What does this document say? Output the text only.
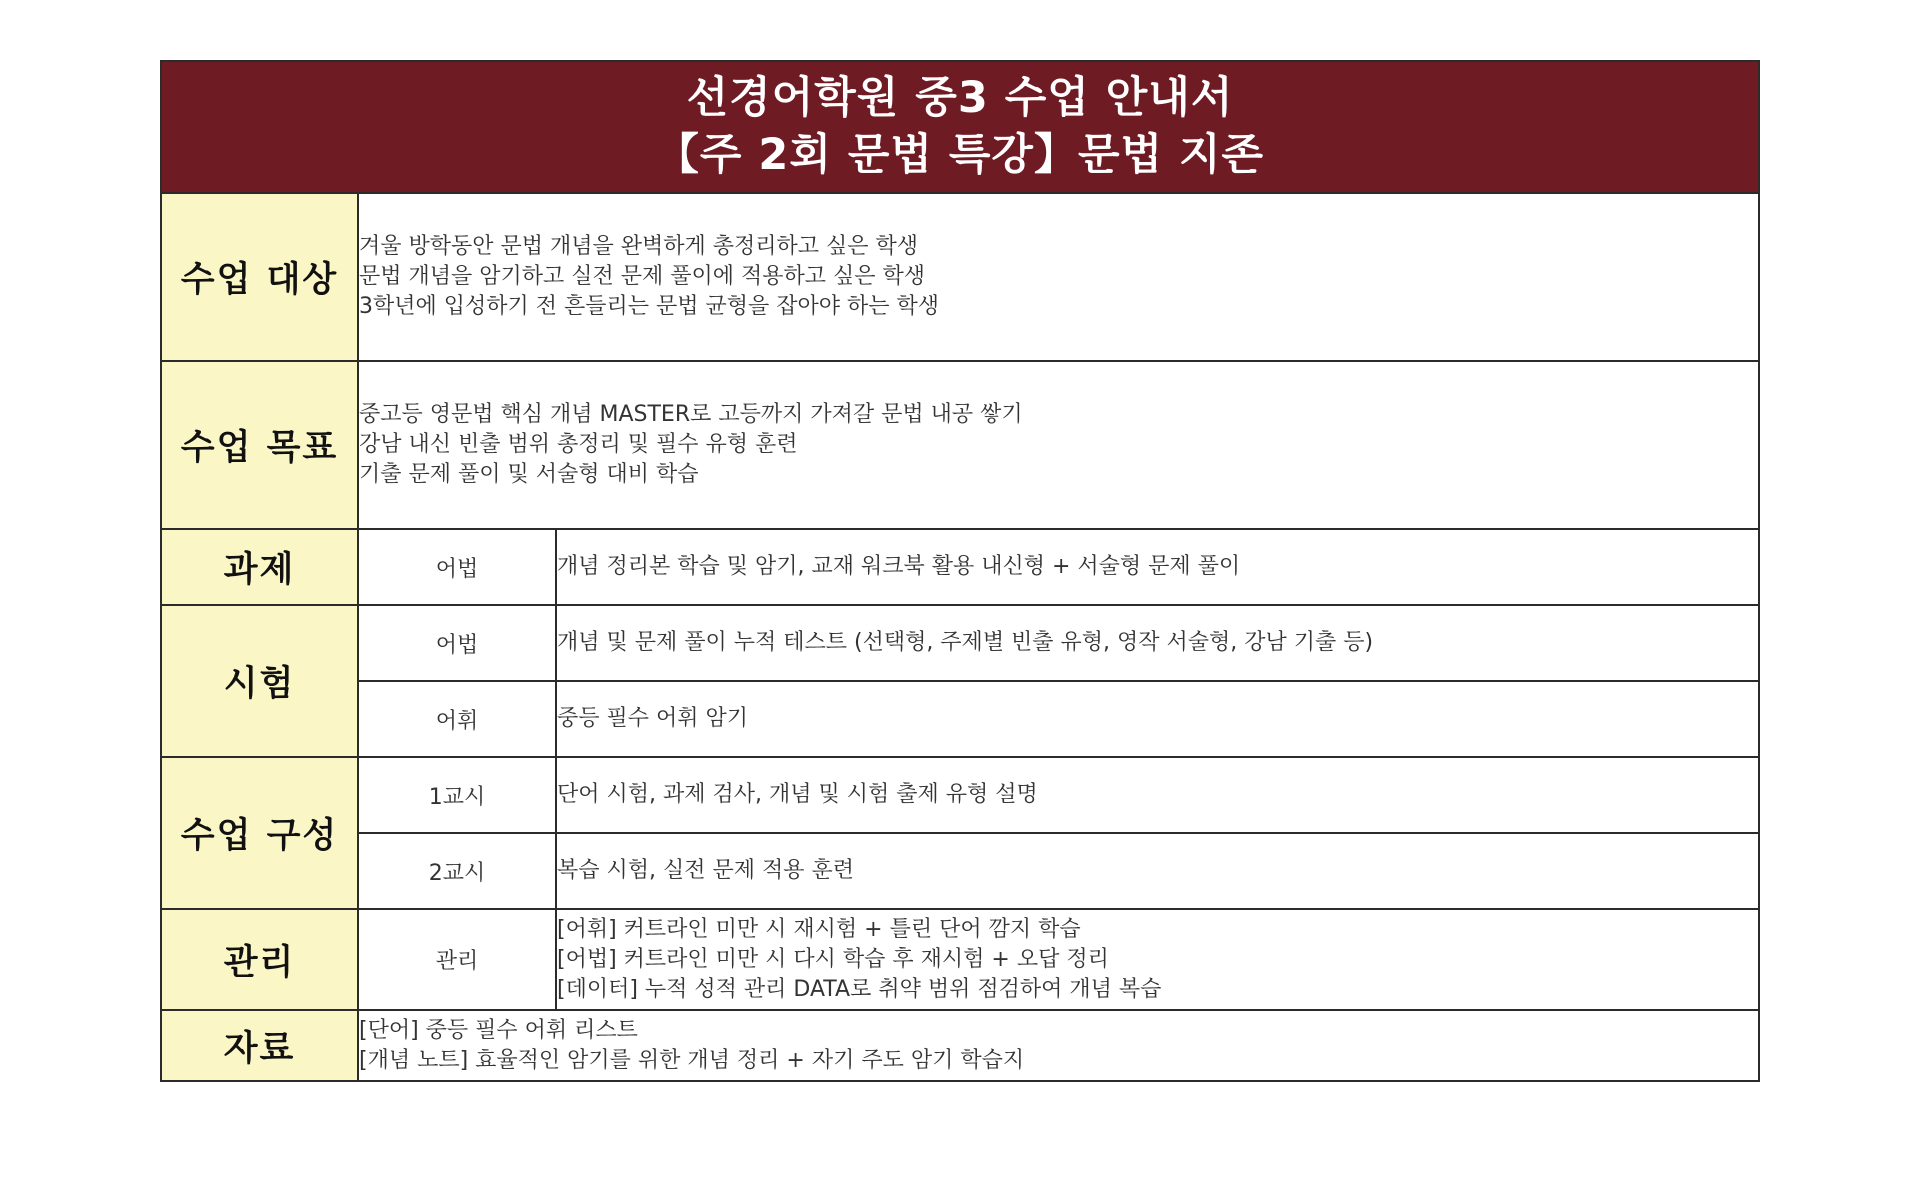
선경어학원 중3 수업 안내서
【주 2회 문법 특강】문법 지존
수업 대상	겨울 방학동안 문법 개념을 완벽하게 총정리하고 싶은 학생
문법 개념을 암기하고 실전 문제 풀이에 적용하고 싶은 학생
3학년에 입성하기 전 흔들리는 문법 균형을 잡아야 하는 학생	

수업 목표	중고등 영문법 핵심 개념 MASTER로 고등까지 가져갈 문법 내공 쌓기
강남 내신 빈출 범위 총정리 및 필수 유형 훈련
기출 문제 풀이 및 서술형 대비 학습	

과제	어법	개념 정리본 학습 및 암기, 교재 워크북 활용 내신형 + 서술형 문제 풀이
시험	어법	개념 및 문제 풀이 누적 테스트 (선택형, 주제별 빈출 유형, 영작 서술형, 강남 기출 등)
	어휘	중등 필수 어휘 암기
수업 구성	1교시	단어 시험, 과제 검사, 개념 및 시험 출제 유형 설명
	2교시	복습 시험, 실전 문제 적용 훈련
관리	관리	[어휘] 커트라인 미만 시 재시험 + 틀린 단어 깜지 학습
[어법] 커트라인 미만 시 다시 학습 후 재시험 + 오답 정리
[데이터] 누적 성적 관리 DATA로 취약 범위 점검하여 개념 복습

자료	[단어] 중등 필수 어휘 리스트
[개념 노트] 효율적인 암기를 위한 개념 정리 + 자기 주도 암기 학습지	
